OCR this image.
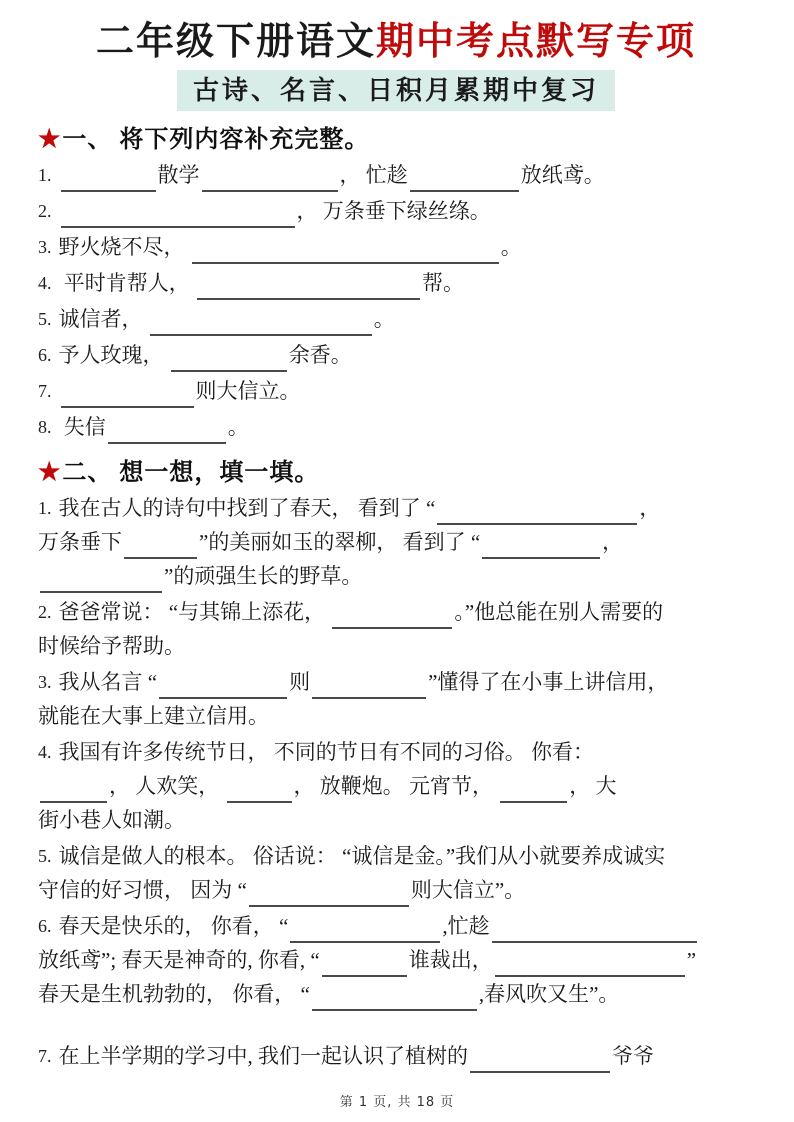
二年级下册语文期中考点默写专项
古诗、名言、日积月累期中复习
★一、 将下列内容补充完整。
1.	散学	， 忙趁	放纸鸢。
2.	， 万条垂下绿丝绦。
3. 野火烧不尽，	。
4. 平时肯帮人，	帮。
5. 诚信者，	。
6. 予人玫瑰，	余香。
7.	则大信立。
8. 失信	。
★二、 想一想，填一填。
1. 我在古人的诗句中找到了春天， 看到了 “	，
万条垂下	”的美丽如玉的翠柳， 看到了 “	，
”的顽强生长的野草。
2. 爸爸常说： “与其锦上添花，	。”他总能在别人需要的
时候给予帮助。
3. 我从名言 “	则	”懂得了在小事上讲信用，
就能在大事上建立信用。
4. 我国有许多传统节日， 不同的节日有不同的习俗。 你看：
， 人欢笑，	， 放鞭炮。 元宵节，	， 大
街小巷人如潮。
5. 诚信是做人的根本。 俗话说： “诚信是金。”我们从小就要养成诚实
守信的好习惯， 因为 “	则大信立”。
6. 春天是快乐的， 你看， “	,忙趁
放纸鸢”; 春天是神奇的, 你看, “	谁裁出，	”
春天是生机勃勃的， 你看， “	,春风吹又生”。
7. 在上半学期的学习中, 我们一起认识了植树的	爷爷
第 1 页, 共 18 页
